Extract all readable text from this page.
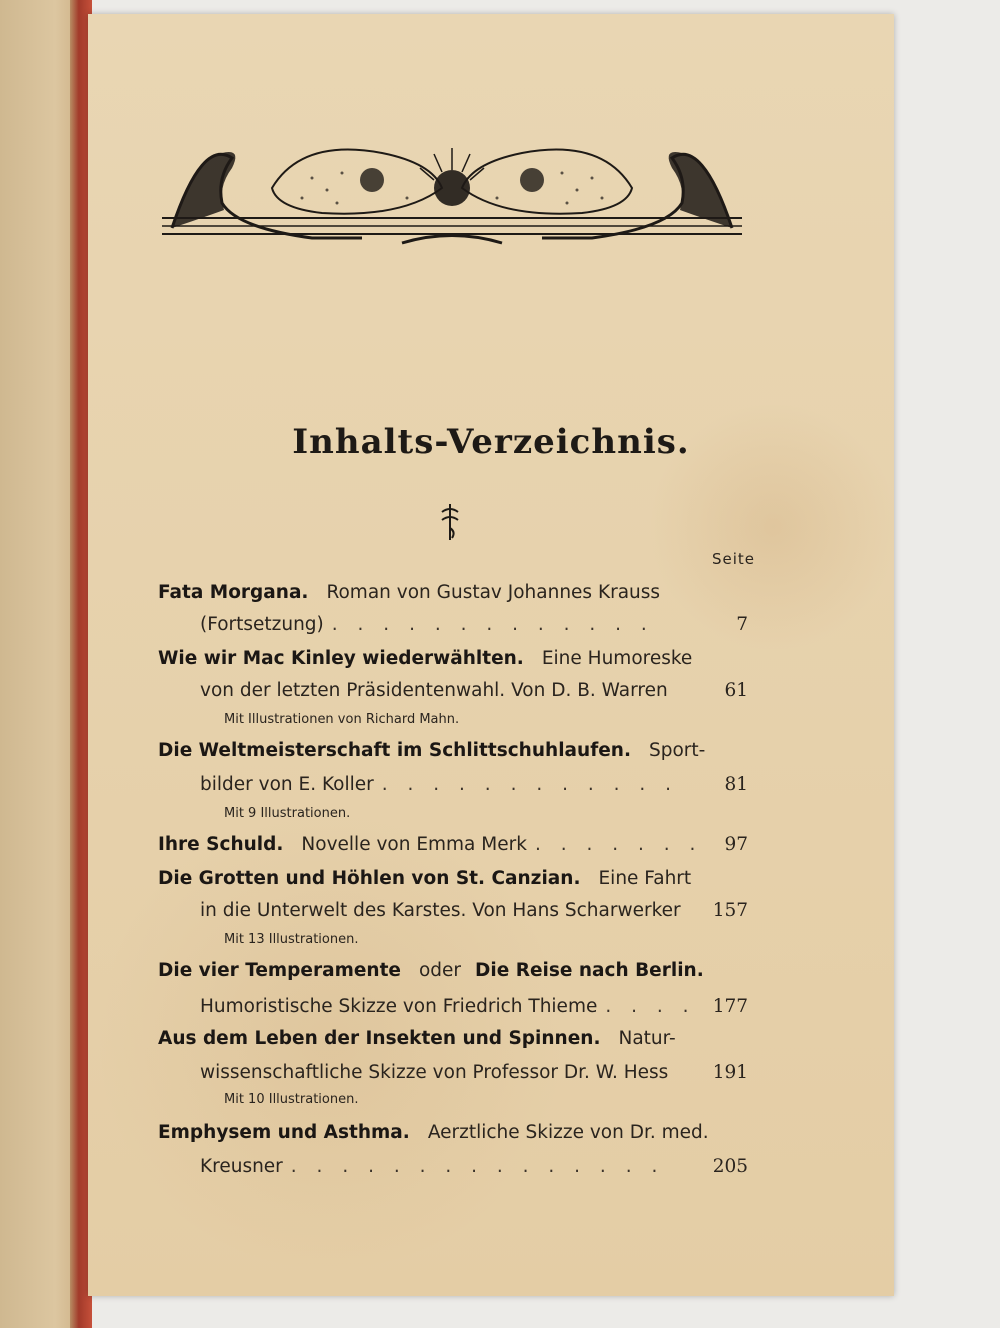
Inhalts-Verzeichnis.
Seite
Fata Morgana. Roman von Gustav Johannes Krauss
(Fortsetzung) . . . . . . . . . . . . .	7
Wie wir Mac Kinley wiederwählten. Eine Humoreske
von der letzten Präsidentenwahl. Von D. B. Warren	61
Mit Illustrationen von Richard Mahn.
Die Weltmeisterschaft im Schlittschuhlaufen. Sport-
bilder von E. Koller . . . . . . . . . . . .	81
Mit 9 Illustrationen.
Ihre Schuld. Novelle von Emma Merk . . . . . . .	97
Die Grotten und Höhlen von St. Canzian. Eine Fahrt
in die Unterwelt des Karstes. Von Hans Scharwerker	157
Mit 13 Illustrationen.
Die vier Temperamente oder Die Reise nach Berlin.
Humoristische Skizze von Friedrich Thieme . . . . 177
Aus dem Leben der Insekten und Spinnen. Natur-
wissenschaftliche Skizze von Professor Dr. W. Hess	191
Mit 10 Illustrationen.
Emphysem und Asthma. Aerztliche Skizze von Dr. med.
Kreusner . . . . . . . . . . . . . . .	205
